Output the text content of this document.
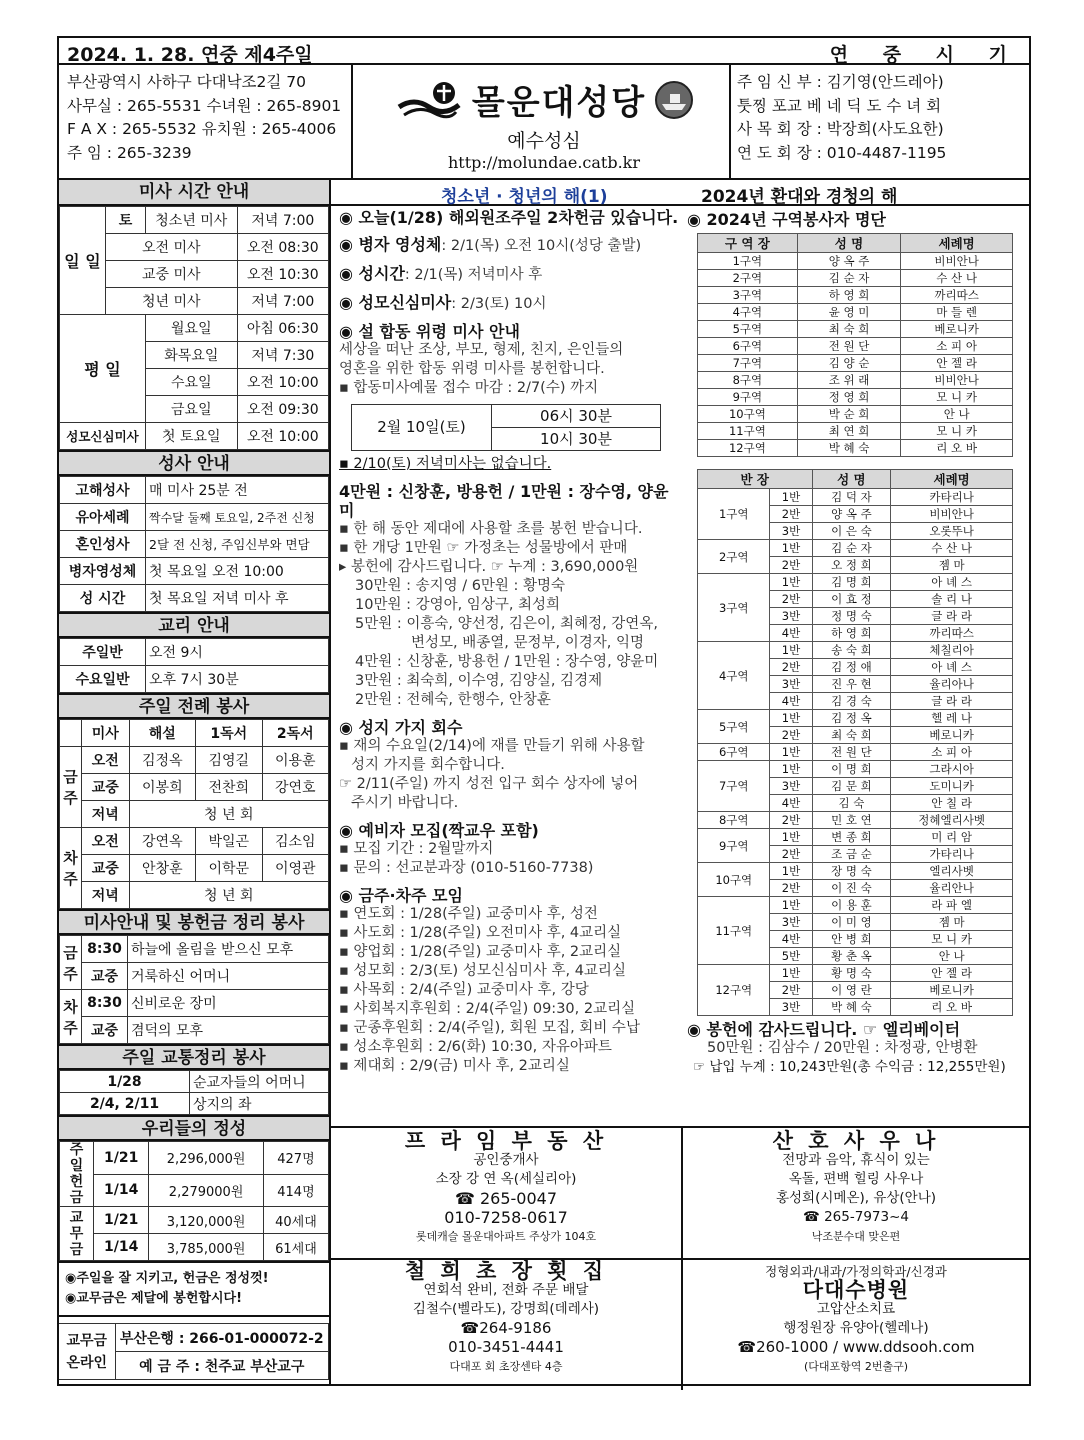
2024. 1. 28. 연중 제4주일	연 중 시 기
부산광역시 사하구 다대낙조2길 70
사무실 : 265-5531 수녀원 : 265-8901
F A X : 265-5532 유치원 : 265-4006
주 임 : 265-3239
몰운대성당
예수성심
http://molundae.catb.kr
주 임 신 부 : 김기영(안드레아)
툿찡 포교 베 네 딕 도 수 녀 회
사 목 회 장 : 박장희(사도요한)
연 도 회 장 : 010-4487-1195
미사 시간 안내
일 일	토	청소년 미사	저녁 7:00
	오전 미사		오전 08:30
	교중 미사		오전 10:30
	청년 미사		저녁 7:00
평 일		월요일	아침 06:30
		화목요일	저녁 7:30
		수요일	오전 10:00
		금요일	오전 09:30
성모신심미사		첫 토요일	오전 10:00
성사 안내
고해성사	매 미사 25분 전
유아세례	짝수달 둘째 토요일, 2주전 신청
혼인성사	2달 전 신청, 주임신부와 면담
병자영성체	첫 목요일 오전 10:00
성 시간	첫 목요일 저녁 미사 후
교리 안내
주일반	오전 9시
수요일반	오후 7시 30분
주일 전례 봉사
	미사	해설	1독서	2독서
금주	오전	김정옥	김영길	이용훈
	교중	이봉희	전찬희	강연호
	저녁	청 년 회		
차주	오전	강연옥	박일곤	김소임
	교중	안창훈	이학문	이영관
	저녁	청 년 회		
미사안내 및 봉헌금 정리 봉사
금주	8:30	하늘에 올림을 받으신 모후
	교중	거룩하신 어머니
차주	8:30	신비로운 장미
	교중	겸덕의 모후
주일 교통정리 봉사
1/28	순교자들의 어머니
2/4, 2/11	상지의 좌
우리들의 정성
주일헌금	1/21	2,296,000원	427명
	1/14	2,279000원	414명
교무금	1/21	3,120,000원	40세대
	1/14	3,785,000원	61세대
◉주일을 잘 지키고, 헌금은 정성껏!
◉교무금은 제달에 봉헌합시다!
교무금 온라인	부산은행 : 266-01-000072-2
예 금 주 : 천주교 부산교구
청소년 · 청년의 해(1)	2024년 환대와 경청의 해
◉ 오늘(1/28) 해외원조주일 2차헌금 있습니다.
◉ 병자 영성체: 2/1(목) 오전 10시(성당 출발)
◉ 성시간: 2/1(목) 저녁미사 후
◉ 성모신심미사: 2/3(토) 10시
◉ 설 합동 위령 미사 안내
세상을 떠난 조상, 부모, 형제, 친지, 은인들의
영혼을 위한 합동 위령 미사를 봉헌합니다.
▪ 합동미사예물 접수 마감 : 2/7(수) 까지
2월 10일(토)	06시 30분
10시 30분
▪ 2/10(토) 저녁미사는 없습니다.
4만원 : 신창훈, 방용헌 / 1만원 : 장수영, 양윤미
▪ 한 해 동안 제대에 사용할 초를 봉헌 받습니다.
▪ 한 개당 1만원 ☞ 가정초는 성물방에서 판매
▸ 봉헌에 감사드립니다. ☞ 누계 : 3,690,000원
30만원 : 송지영 / 6만원 : 황명숙
10만원 : 강영아, 임상구, 최성희
5만원 : 이흥숙, 양선정, 김은이, 최혜정, 강연옥,
변성모, 배종열, 문정부, 이경자, 익명
4만원 : 신창훈, 방용헌 / 1만원 : 장수영, 양윤미
3만원 : 최숙희, 이수영, 김양실, 김경제
2만원 : 전혜숙, 한행수, 안창훈
◉ 성지 가지 회수
▪ 재의 수요일(2/14)에 재를 만들기 위해 사용할
성지 가지를 회수합니다.
☞ 2/11(주일) 까지 성전 입구 회수 상자에 넣어
주시기 바랍니다.
◉ 예비자 모집(짝교우 포함)
▪ 모집 기간 : 2월말까지
▪ 문의 : 선교분과장 (010-5160-7738)
◉ 금주·차주 모임
▪ 연도회 : 1/28(주일) 교중미사 후, 성전
▪ 사도회 : 1/28(주일) 오전미사 후, 4교리실
▪ 양업회 : 1/28(주일) 교중미사 후, 2교리실
▪ 성모회 : 2/3(토) 성모신심미사 후, 4교리실
▪ 사목회 : 2/4(주일) 교중미사 후, 강당
▪ 사회복지후원회 : 2/4(주일) 09:30, 2교리실
▪ 군종후원회 : 2/4(주일), 회원 모집, 회비 수납
▪ 성소후원회 : 2/6(화) 10:30, 자유아파트
▪ 제대회 : 2/9(금) 미사 후, 2교리실
◉ 2024년 구역봉사자 명단
구 역 장	성 명	세례명
1구역	양 옥 주	비비안나
2구역	김 순 자	수 산 나
3구역	하 영 희	까리따스
4구역	윤 영 미	마 들 렌
5구역	최 숙 희	베로니카
6구역	전 원 단	소 피 아
7구역	김 양 순	안 젤 라
8구역	조 위 래	비비안나
9구역	정 영 희	모 니 카
10구역	박 순 희	안 나
11구역	최 연 희	모 니 카
12구역	박 혜 숙	리 오 바
반 장		성 명	세례명
1구역	1반	김 덕 자	카타리나
	2반	양 옥 주	비비안나
	3반	이 은 숙	오롯뚜나
2구역	1반	김 순 자	수 산 나
	2반	오 정 희	젬 마
3구역	1반	김 명 희	아 녜 스
	2반	이 효 정	솔 리 나
	3반	정 명 숙	글 라 라
	4반	하 영 희	까리따스
4구역	1반	송 숙 희	체칠리아
	2반	김 정 애	아 녜 스
	3반	진 우 현	율리아나
	4반	김 경 숙	글 라 라
5구역	1반	김 정 옥	헬 레 나
	2반	최 숙 희	베로니카
6구역	1반	전 원 단	소 피 아
7구역	1반	이 명 희	그라시아
	3반	김 문 희	도미니카
	4반	김 숙	안 칠 라
8구역	2반	민 호 연	정혜엘리사벳
9구역	1반	변 종 희	미 리 암
	2반	조 금 순	가타리나
10구역	1반	장 명 숙	엘리사벳
	2반	이 진 숙	율리안나
11구역	1반	이 용 훈	라 파 엘
	3반	이 미 영	젬 마
	4반	안 병 희	모 니 카
	5반	황 춘 옥	안 나
12구역	1반	황 명 숙	안 젤 라
	2반	이 영 란	베로니카
	3반	박 혜 숙	리 오 바
◉ 봉헌에 감사드립니다. ☞ 엘리베이터
50만원 : 김삼수 / 20만원 : 차정광, 안병환
☞ 납입 누계 : 10,243만원(총 수익금 : 12,255만원)
프 라 임 부 동 산
공인중개사
소장 강 연 옥(세실리아)
☎ 265-0047
010-7258-0617
롯데캐슬 몰운대아파트 주상가 104호
산 호 사 우 나
전망과 음악, 휴식이 있는
옥돌, 편백 힐링 사우나
홍성희(시메온), 유상(안나)
☎ 265-7973~4
낙조분수대 맞은편
철 희 초 장 횟 집
연회석 완비, 전화 주문 배달
김철수(벨라도), 강명희(데레사)
☎264-9186
010-3451-4441
다대포 회 초장센타 4층
정형외과/내과/가정의학과/신경과
다대수병원
고압산소치료
행정원장 유양아(헬레나)
☎260-1000 / www.ddsooh.com
(다대포항역 2번출구)
